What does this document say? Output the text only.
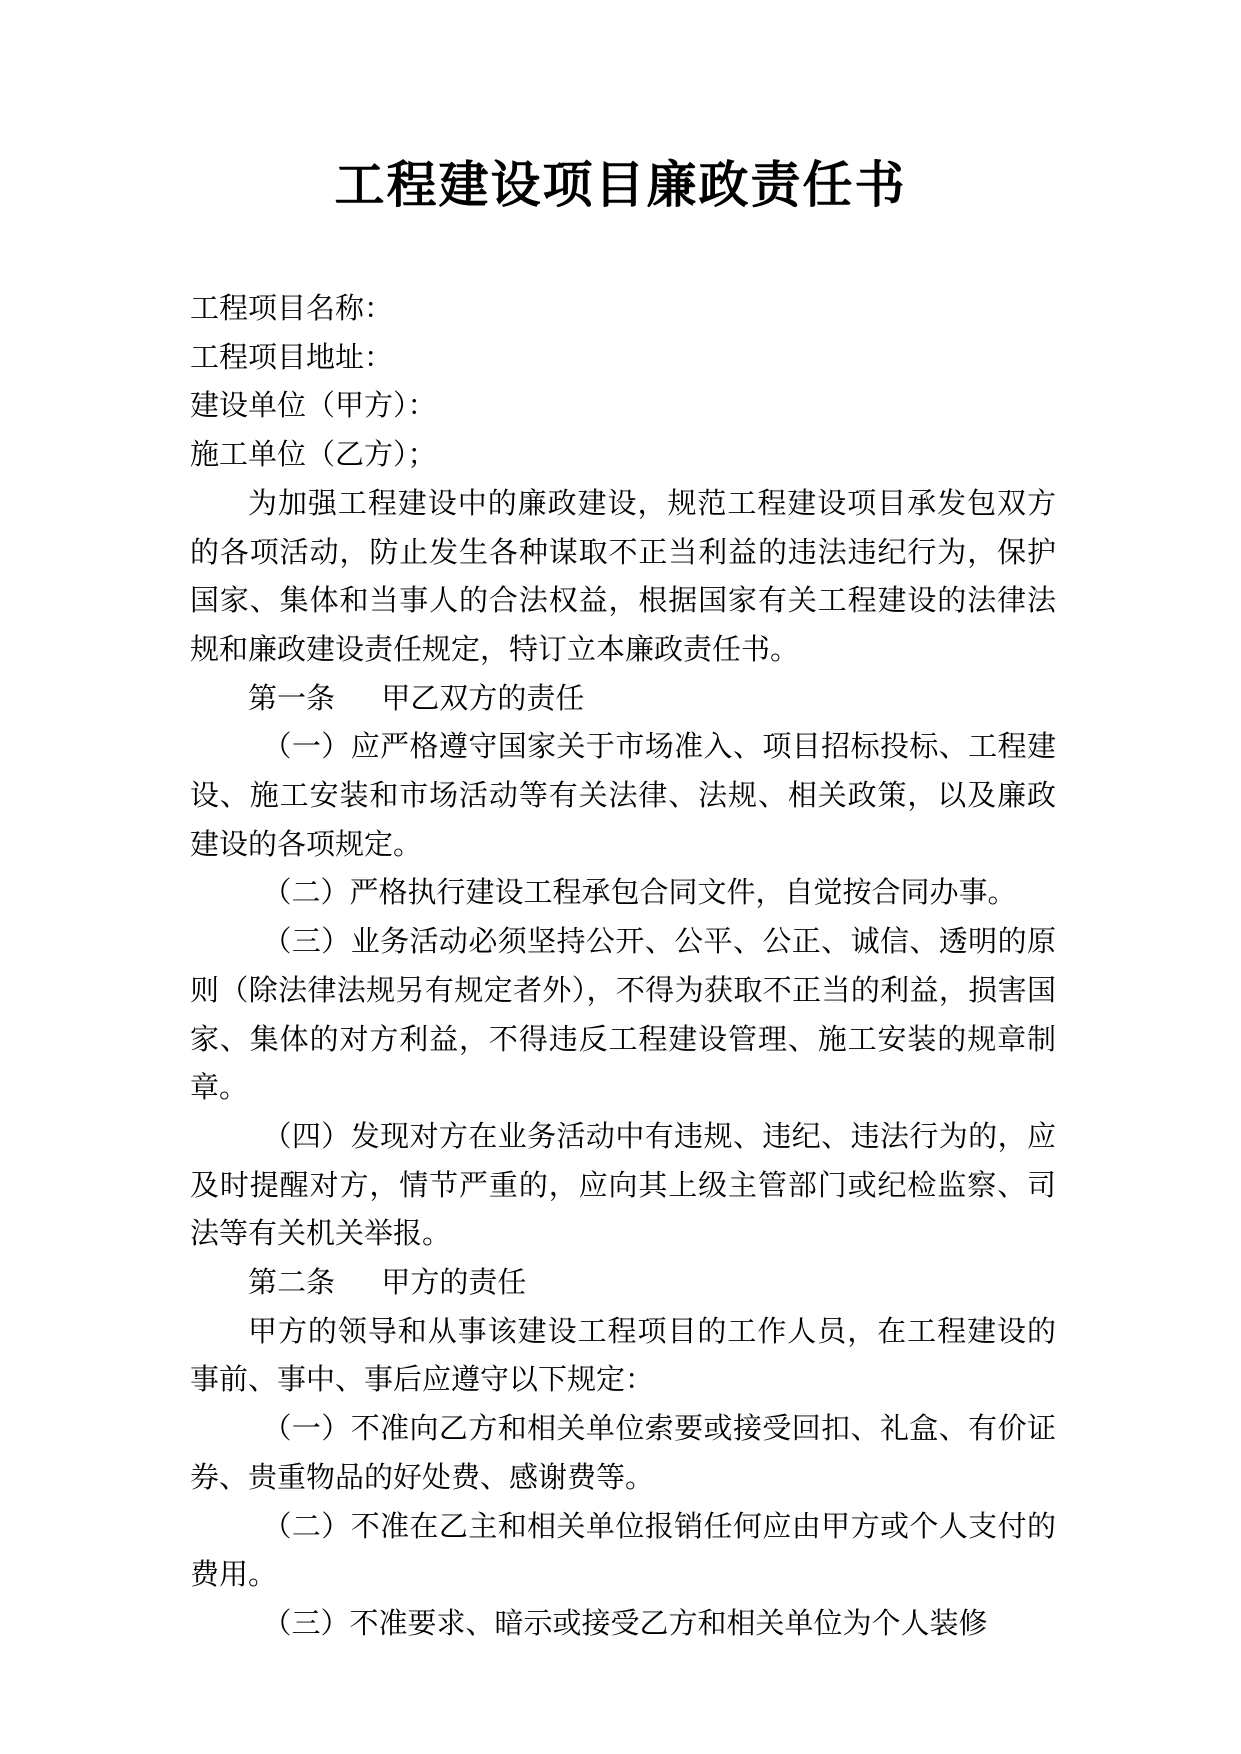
工程建设项目廉政责任书

工程项目名称：

工程项目地址：

建设单位（甲方）：

施工单位（乙方）；

为加强工程建设中的廉政建设，规范工程建设项目承发包双方的各项活动，防止发生各种谋取不正当利益的违法违纪行为，保护国家、集体和当事人的合法权益，根据国家有关工程建设的法律法规和廉政建设责任规定，特订立本廉政责任书。

第一条 甲乙双方的责任

（一）应严格遵守国家关于市场准入、项目招标投标、工程建设、施工安装和市场活动等有关法律、法规、相关政策，以及廉政建设的各项规定。

（二）严格执行建设工程承包合同文件，自觉按合同办事。

（三）业务活动必须坚持公开、公平、公正、诚信、透明的原则（除法律法规另有规定者外），不得为获取不正当的利益，损害国家、集体的对方利益，不得违反工程建设管理、施工安装的规章制章。

（四）发现对方在业务活动中有违规、违纪、违法行为的，应及时提醒对方，情节严重的，应向其上级主管部门或纪检监察、司法等有关机关举报。

第二条 甲方的责任

甲方的领导和从事该建设工程项目的工作人员，在工程建设的事前、事中、事后应遵守以下规定：

（一）不准向乙方和相关单位索要或接受回扣、礼盒、有价证券、贵重物品的好处费、感谢费等。

（二）不准在乙主和相关单位报销任何应由甲方或个人支付的费用。

（三）不准要求、暗示或接受乙方和相关单位为个人装修
